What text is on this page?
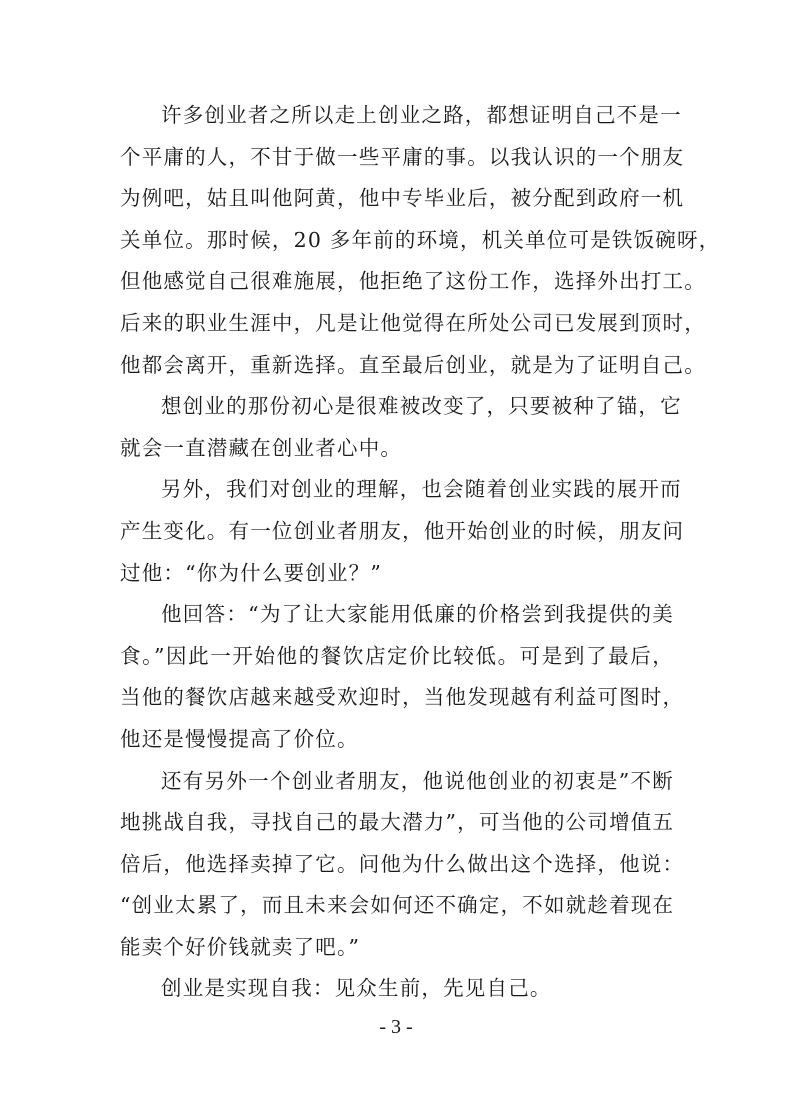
许多创业者之所以走上创业之路，都想证明自己不是一
个平庸的人，不甘于做一些平庸的事。以我认识的一个朋友
为例吧，姑且叫他阿黄，他中专毕业后，被分配到政府一机
关单位。那时候，20 多年前的环境，机关单位可是铁饭碗呀，
但他感觉自己很难施展，他拒绝了这份工作，选择外出打工。
后来的职业生涯中，凡是让他觉得在所处公司已发展到顶时，
他都会离开，重新选择。直至最后创业，就是为了证明自己。

想创业的那份初心是很难被改变了，只要被种了锚，它
就会一直潜藏在创业者心中。

另外，我们对创业的理解，也会随着创业实践的展开而
产生变化。有一位创业者朋友，他开始创业的时候，朋友问
过他：“你为什么要创业？”

他回答：“为了让大家能用低廉的价格尝到我提供的美
食。”因此一开始他的餐饮店定价比较低。可是到了最后，
当他的餐饮店越来越受欢迎时，当他发现越有利益可图时，
他还是慢慢提高了价位。

还有另外一个创业者朋友，他说他创业的初衷是”不断
地挑战自我，寻找自己的最大潜力”，可当他的公司增值五
倍后，他选择卖掉了它。问他为什么做出这个选择，他说：
“创业太累了，而且未来会如何还不确定，不如就趁着现在
能卖个好价钱就卖了吧。”

创业是实现自我：见众生前，先见自己。

- 3 -
